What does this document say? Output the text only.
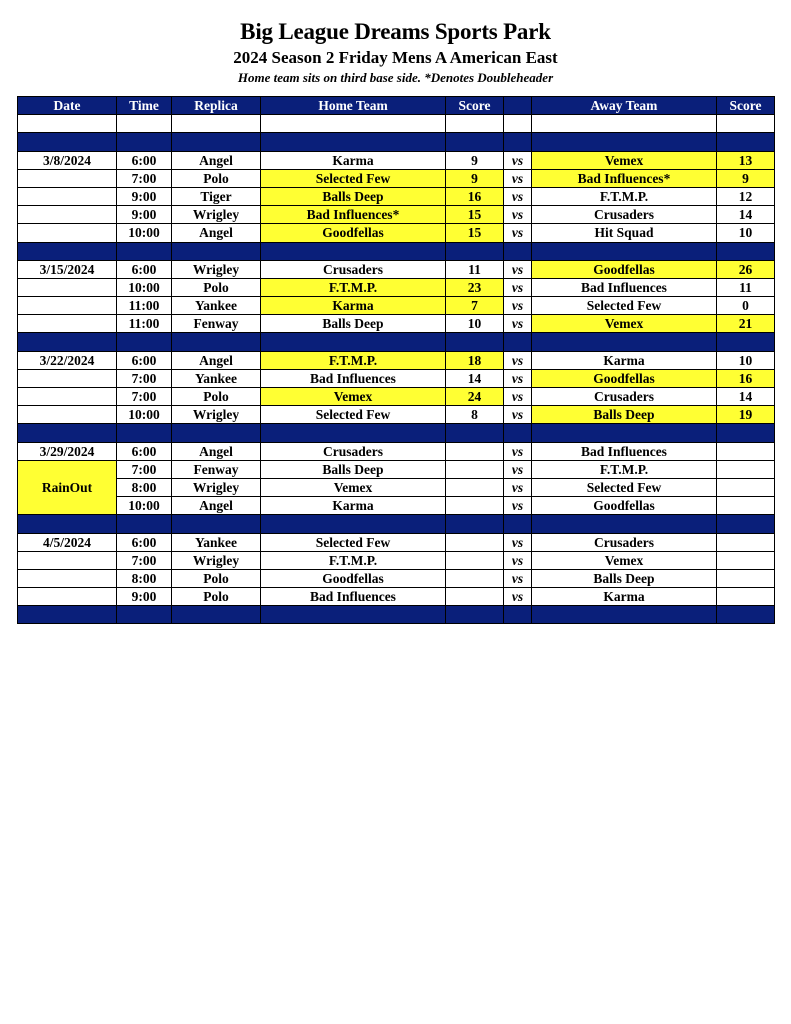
Big League Dreams Sports Park
2024 Season 2 Friday Mens A American East
Home team sits on third base side. *Denotes Doubleheader
Date	Time	Replica	Home Team	Score		Away Team	Score

3/8/2024	6:00	Angel	Karma	9	vs	Vemex	13
	7:00	Polo	Selected Few	9	vs	Bad Influences*	9
	9:00	Tiger	Balls Deep	16	vs	F.T.M.P.	12
	9:00	Wrigley	Bad Influences*	15	vs	Crusaders	14
	10:00	Angel	Goodfellas	15	vs	Hit Squad	10

3/15/2024	6:00	Wrigley	Crusaders	11	vs	Goodfellas	26
	10:00	Polo	F.T.M.P.	23	vs	Bad Influences	11
	11:00	Yankee	Karma	7	vs	Selected Few	0
	11:00	Fenway	Balls Deep	10	vs	Vemex	21

3/22/2024	6:00	Angel	F.T.M.P.	18	vs	Karma	10
	7:00	Yankee	Bad Influences	14	vs	Goodfellas	16
	7:00	Polo	Vemex	24	vs	Crusaders	14
	10:00	Wrigley	Selected Few	8	vs	Balls Deep	19

3/29/2024	6:00	Angel	Crusaders		vs	Bad Influences	
RainOut	7:00	Fenway	Balls Deep		vs	F.T.M.P.	
	8:00	Wrigley	Vemex		vs	Selected Few	
	10:00	Angel	Karma		vs	Goodfellas	

4/5/2024	6:00	Yankee	Selected Few		vs	Crusaders	
	7:00	Wrigley	F.T.M.P.		vs	Vemex	
	8:00	Polo	Goodfellas		vs	Balls Deep	
	9:00	Polo	Bad Influences		vs	Karma	
